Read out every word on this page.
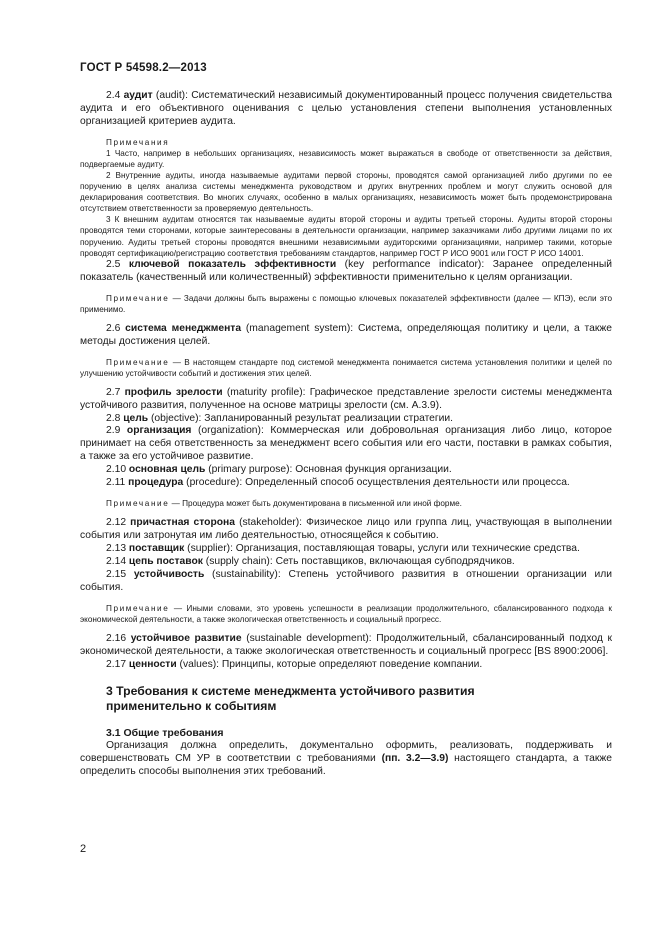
ГОСТ Р 54598.2—2013

2.4 аудит (audit): Систематический независимый документированный процесс получения свидетельства аудита и его объективного оценивания с целью установления степени выполнения установленных организацией критериев аудита.

Примечания

1 Часто, например в небольших организациях, независимость может выражаться в свободе от ответственности за действия, подвергаемые аудиту.

2 Внутренние аудиты, иногда называемые аудитами первой стороны, проводятся самой организацией либо другими по ее поручению в целях анализа системы менеджмента руководством и других внутренних проблем и могут служить основой для декларирования соответствия. Во многих случаях, особенно в малых организациях, независимость может быть продемонстрирована отсутствием ответственности за проверяемую деятельность.

3 К внешним аудитам относятся так называемые аудиты второй стороны и аудиты третьей стороны. Аудиты второй стороны проводятся теми сторонами, которые заинтересованы в деятельности организации, например заказчиками либо другими лицами по их поручению. Аудиты третьей стороны проводятся внешними независимыми аудиторскими организациями, например такими, которые проводят сертификацию/регистрацию соответствия требованиям стандартов, например ГОСТ Р ИСО 9001 или ГОСТ Р ИСО 14001.

2.5 ключевой показатель эффективности (key performance indicator): Заранее определенный показатель (качественный или количественный) эффективности применительно к целям организации.

Примечание — Задачи должны быть выражены с помощью ключевых показателей эффективности (далее — КПЭ), если это применимо.

2.6 система менеджмента (management system): Система, определяющая политику и цели, а также методы достижения целей.

Примечание — В настоящем стандарте под системой менеджмента понимается система установления политики и целей по улучшению устойчивости событий и достижения этих целей.

2.7 профиль зрелости (maturity profile): Графическое представление зрелости системы менеджмента устойчивого развития, полученное на основе матрицы зрелости (см. А.3.9).

2.8 цель (objective): Запланированный результат реализации стратегии.

2.9 организация (organization): Коммерческая или добровольная организация либо лицо, которое принимает на себя ответственность за менеджмент всего события или его части, поставки в рамках события, а также за его устойчивое развитие.

2.10 основная цель (primary purpose): Основная функция организации.

2.11 процедура (procedure): Определенный способ осуществления деятельности или процесса.

Примечание — Процедура может быть документирована в письменной или иной форме.

2.12 причастная сторона (stakeholder): Физическое лицо или группа лиц, участвующая в выполнении события или затронутая им либо деятельностью, относящейся к событию.

2.13 поставщик (supplier): Организация, поставляющая товары, услуги или технические средства.

2.14 цепь поставок (supply chain): Сеть поставщиков, включающая субподрядчиков.

2.15 устойчивость (sustainability): Степень устойчивого развития в отношении организации или события.

Примечание — Иными словами, это уровень успешности в реализации продолжительного, сбалансированного подхода к экономической деятельности, а также экологическая ответственность и социальный прогресс.

2.16 устойчивое развитие (sustainable development): Продолжительный, сбалансированный подход к экономической деятельности, а также экологическая ответственность и социальный прогресс [BS 8900:2006].

2.17 ценности (values): Принципы, которые определяют поведение компании.

3 Требования к системе менеджмента устойчивого развития
применительно к событиям
3.1 Общие требования

Организация должна определить, документально оформить, реализовать, поддерживать и совершенствовать СМ УР в соответствии с требованиями (пп. 3.2—3.9) настоящего стандарта, а также определить способы выполнения этих требований.

2
